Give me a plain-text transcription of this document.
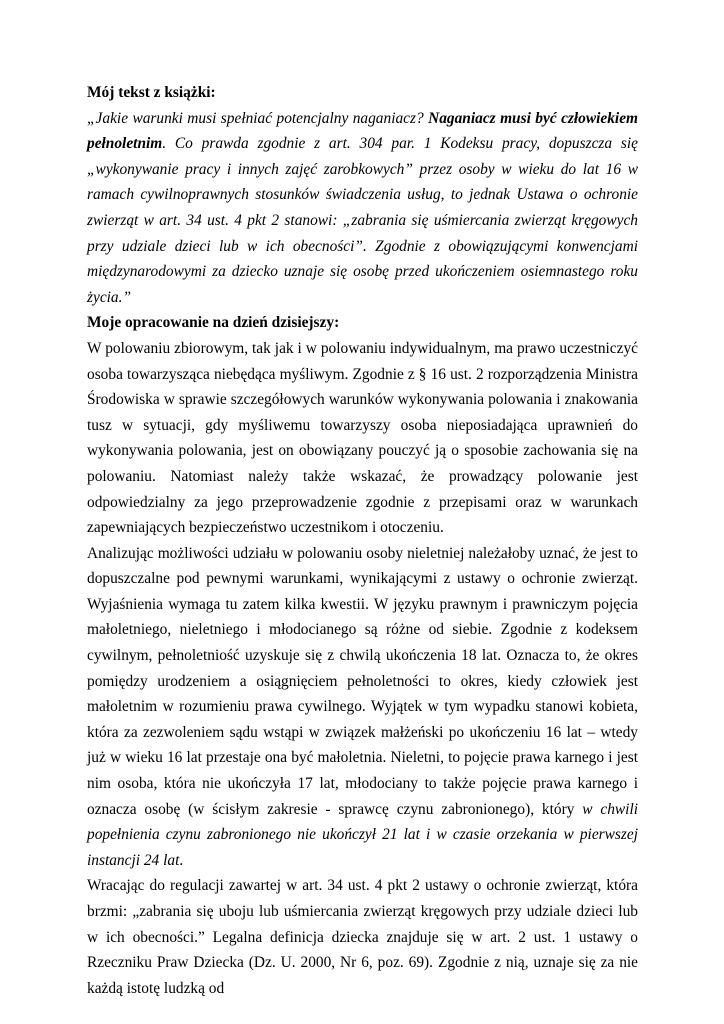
Mój tekst z książki:

„Jakie warunki musi spełniać potencjalny naganiacz? Naganiacz musi być człowiekiem pełnoletnim. Co prawda zgodnie z art. 304 par. 1 Kodeksu pracy, dopuszcza się „wykonywanie pracy i innych zajęć zarobkowych” przez osoby w wieku do lat 16 w ramach cywilnoprawnych stosunków świadczenia usług, to jednak Ustawa o ochronie zwierząt w art. 34 ust. 4 pkt 2 stanowi: „zabrania się uśmiercania zwierząt kręgowych przy udziale dzieci lub w ich obecności”. Zgodnie z obowiązującymi konwencjami międzynarodowymi za dziecko uznaje się osobę przed ukończeniem osiemnastego roku życia.”

Moje opracowanie na dzień dzisiejszy:

W polowaniu zbiorowym, tak jak i w polowaniu indywidualnym, ma prawo uczestniczyć osoba towarzysząca niebędąca myśliwym. Zgodnie z § 16 ust. 2 rozporządzenia Ministra Środowiska w sprawie szczegółowych warunków wykonywania polowania i znakowania tusz w sytuacji, gdy myśliwemu towarzyszy osoba nieposiadająca uprawnień do wykonywania polowania, jest on obowiązany pouczyć ją o sposobie zachowania się na polowaniu. Natomiast należy także wskazać, że prowadzący polowanie jest odpowiedzialny za jego przeprowadzenie zgodnie z przepisami oraz w warunkach zapewniających bezpieczeństwo uczestnikom i otoczeniu.

Analizując możliwości udziału w polowaniu osoby nieletniej należałoby uznać, że jest to dopuszczalne pod pewnymi warunkami, wynikającymi z ustawy o ochronie zwierząt. Wyjaśnienia wymaga tu zatem kilka kwestii. W języku prawnym i prawniczym pojęcia małoletniego, nieletniego i młodocianego są różne od siebie. Zgodnie z kodeksem cywilnym, pełnoletniość uzyskuje się z chwilą ukończenia 18 lat. Oznacza to, że okres pomiędzy urodzeniem a osiągnięciem pełnoletności to okres, kiedy człowiek jest małoletnim w rozumieniu prawa cywilnego. Wyjątek w tym wypadku stanowi kobieta, która za zezwoleniem sądu wstąpi w związek małżeński po ukończeniu 16 lat – wtedy już w wieku 16 lat przestaje ona być małoletnia. Nieletni, to pojęcie prawa karnego i jest nim osoba, która nie ukończyła 17 lat, młodociany to także pojęcie prawa karnego i oznacza osobę (w ścisłym zakresie - sprawcę czynu zabronionego), który w chwili popełnienia czynu zabronionego nie ukończył 21 lat i w czasie orzekania w pierwszej instancji 24 lat.

Wracając do regulacji zawartej w art. 34 ust. 4 pkt 2 ustawy o ochronie zwierząt, która brzmi: „zabrania się uboju lub uśmiercania zwierząt kręgowych przy udziale dzieci lub w ich obecności.” Legalna definicja dziecka znajduje się w art. 2 ust. 1 ustawy o Rzeczniku Praw Dziecka (Dz. U. 2000, Nr 6, poz. 69). Zgodnie z nią, uznaje się za nie każdą istotę ludzką od
